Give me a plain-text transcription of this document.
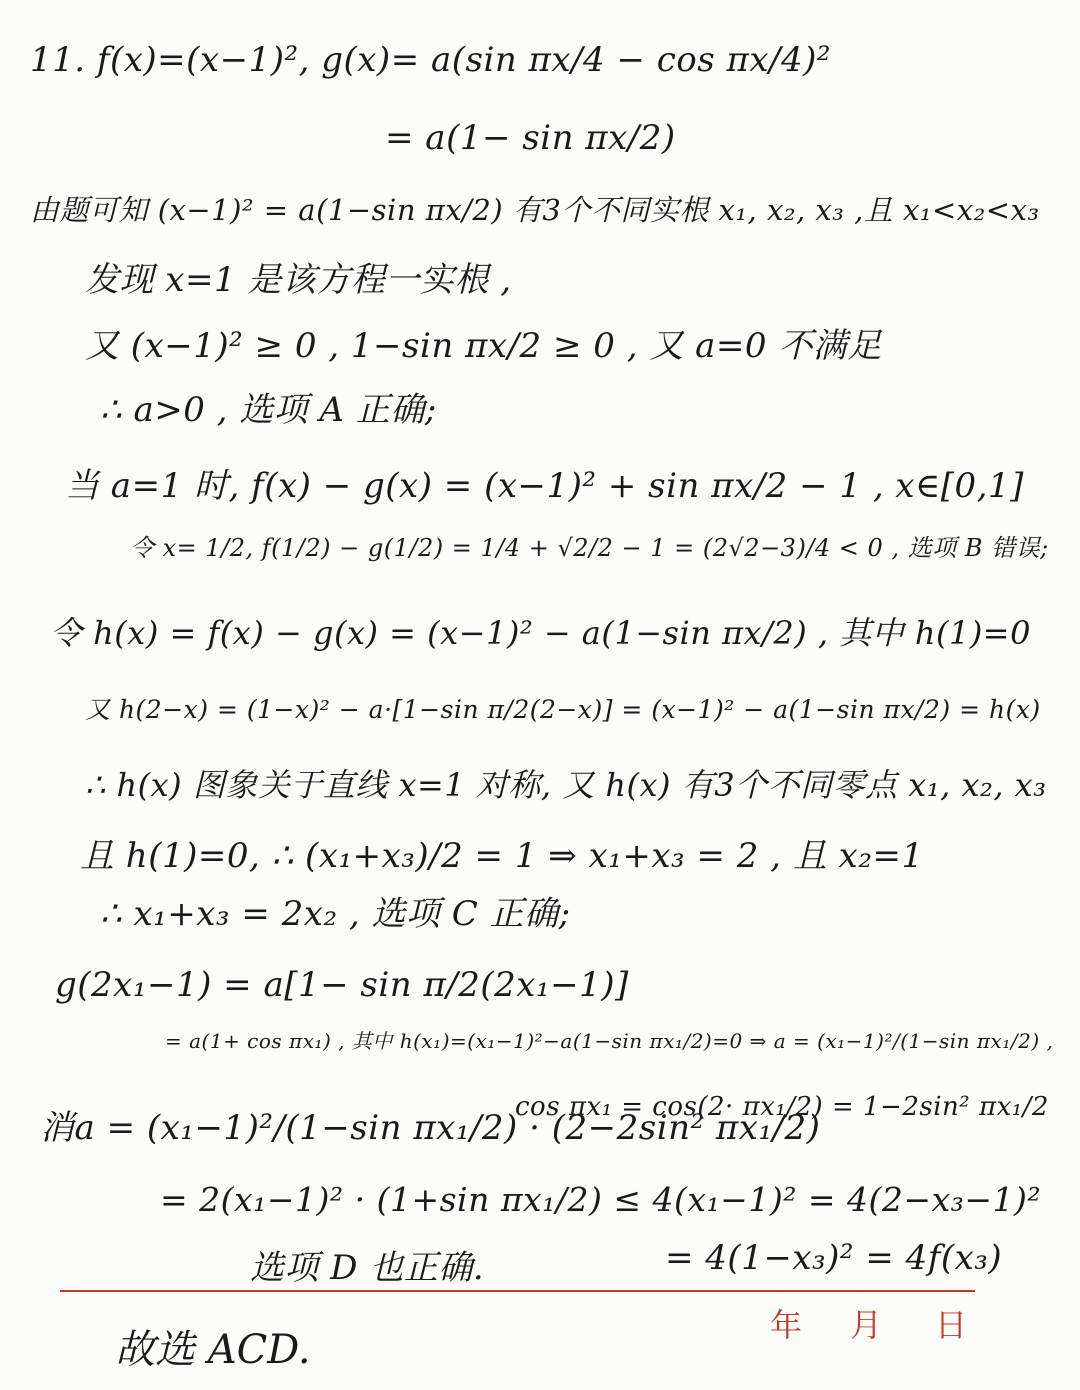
11. f(x)=(x−1)², g(x)= a(sin πx/4 − cos πx/4)²
= a(1− sin πx/2)
由题可知 (x−1)² = a(1−sin πx/2) 有3个不同实根 x₁, x₂, x₃ ,且 x₁<x₂<x₃
发现 x=1 是该方程一实根 ,
又 (x−1)² ≥ 0 , 1−sin πx/2 ≥ 0 , 又 a=0 不满足
∴ a>0 , 选项 A 正确;
当 a=1 时, f(x) − g(x) = (x−1)² + sin πx/2 − 1 , x∈[0,1]
令 x= 1/2, f(1/2) − g(1/2) = 1/4 + √2/2 − 1 = (2√2−3)/4 < 0 , 选项 B 错误;
令 h(x) = f(x) − g(x) = (x−1)² − a(1−sin πx/2) , 其中 h(1)=0
又 h(2−x) = (1−x)² − a·[1−sin π/2(2−x)] = (x−1)² − a(1−sin πx/2) = h(x)
∴ h(x) 图象关于直线 x=1 对称, 又 h(x) 有3个不同零点 x₁, x₂, x₃
且 h(1)=0, ∴ (x₁+x₃)/2 = 1 ⇒ x₁+x₃ = 2 , 且 x₂=1
∴ x₁+x₃ = 2x₂ , 选项 C 正确;
g(2x₁−1) = a[1− sin π/2(2x₁−1)]
= a(1+ cos πx₁) , 其中 h(x₁)=(x₁−1)²−a(1−sin πx₁/2)=0 ⇒ a = (x₁−1)²/(1−sin πx₁/2) ,
消a = (x₁−1)²/(1−sin πx₁/2) · (2−2sin² πx₁/2)
cos πx₁ = cos(2· πx₁/2) = 1−2sin² πx₁/2
= 2(x₁−1)² · (1+sin πx₁/2) ≤ 4(x₁−1)² = 4(2−x₃−1)²
选项 D 也正确.	= 4(1−x₃)² = 4f(x₃)
年 月 日
故选 ACD.
